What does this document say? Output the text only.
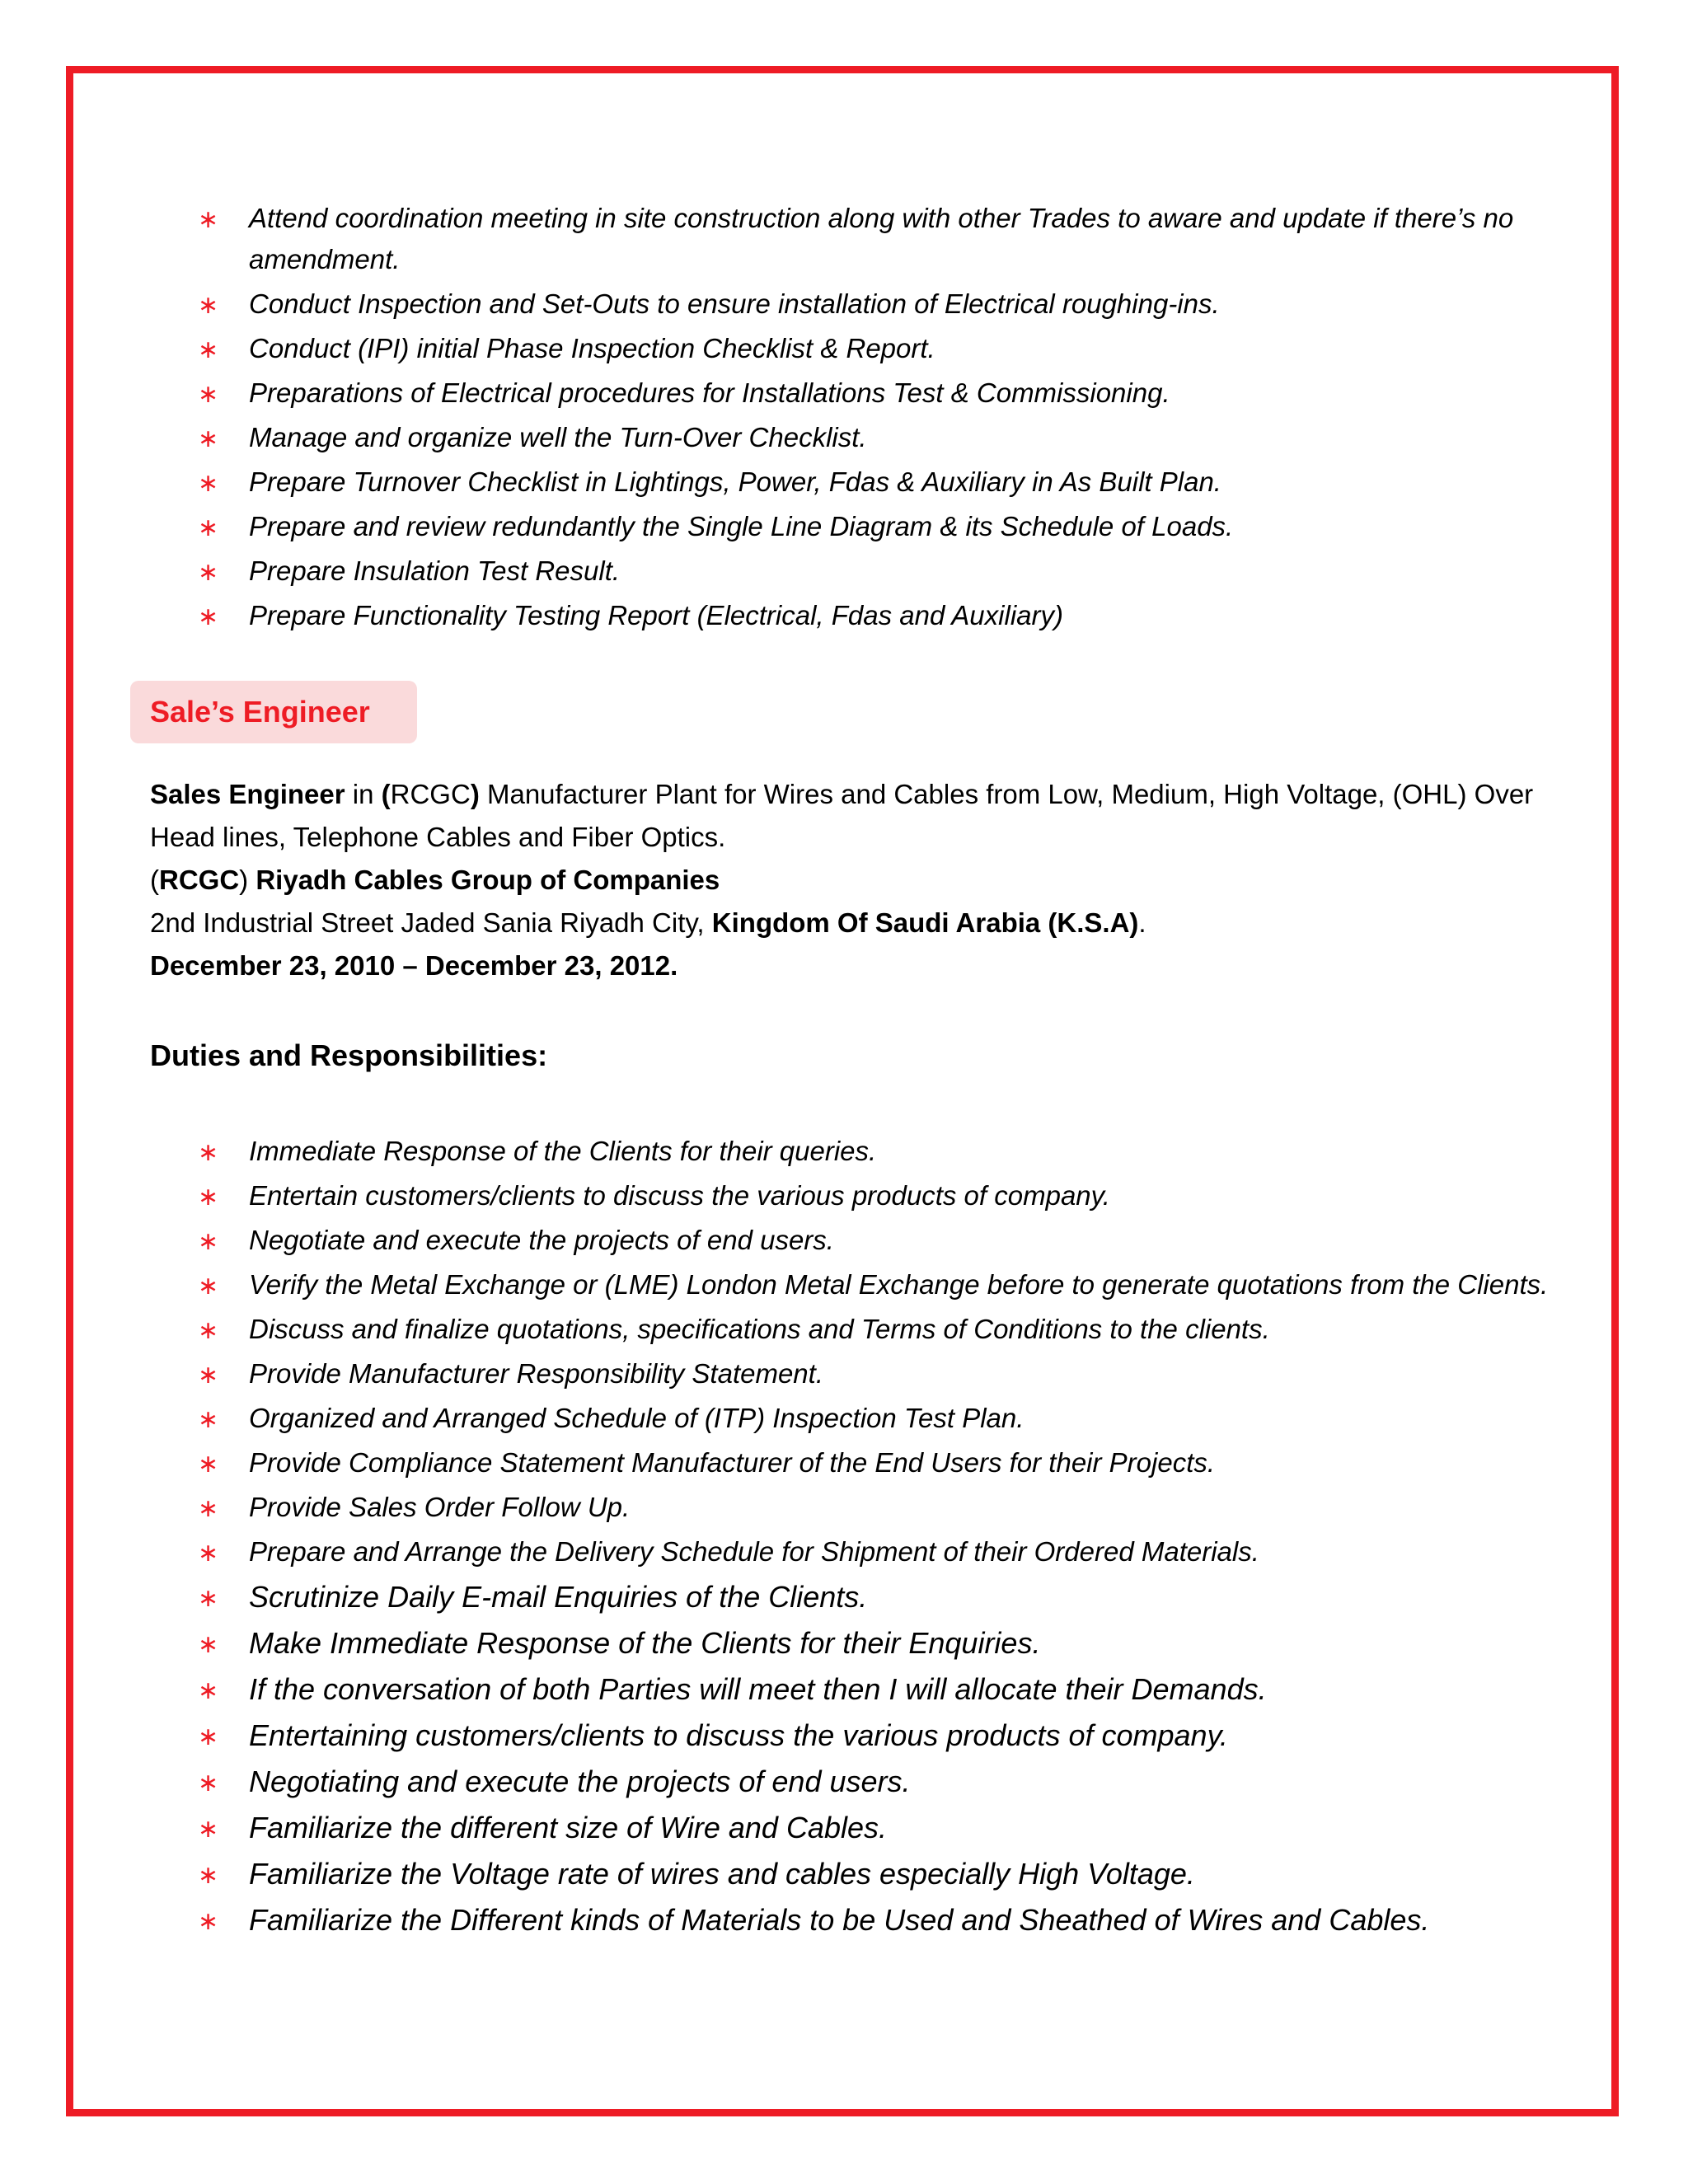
∗ Attend coordination meeting in site construction along with other Trades to aware and update if there’s no amendment.
∗ Conduct Inspection and Set-Outs to ensure installation of Electrical roughing-ins.
∗ Conduct (IPI) initial Phase Inspection Checklist & Report.
∗ Preparations of Electrical procedures for Installations Test & Commissioning.
∗ Manage and organize well the Turn-Over Checklist.
∗ Prepare Turnover Checklist in Lightings, Power, Fdas & Auxiliary in As Built Plan.
∗ Prepare and review redundantly the Single Line Diagram & its Schedule of Loads.
∗ Prepare Insulation Test Result.
∗ Prepare Functionality Testing Report (Electrical, Fdas and Auxiliary)
Sale’s Engineer

Sales Engineer in (RCGC) Manufacturer Plant for Wires and Cables from Low, Medium, High Voltage, (OHL) Over Head lines, Telephone Cables and Fiber Optics.

(RCGC) Riyadh Cables Group of Companies

2nd Industrial Street Jaded Sania Riyadh City, Kingdom Of Saudi Arabia (K.S.A).

December 23, 2010 – December 23, 2012.

Duties and Responsibilities:
∗ Immediate Response of the Clients for their queries.
∗ Entertain customers/clients to discuss the various products of company.
∗ Negotiate and execute the projects of end users.
∗ Verify the Metal Exchange or (LME) London Metal Exchange before to generate quotations from the Clients.
∗ Discuss and finalize quotations, specifications and Terms of Conditions to the clients.
∗ Provide Manufacturer Responsibility Statement.
∗ Organized and Arranged Schedule of (ITP) Inspection Test Plan.
∗ Provide Compliance Statement Manufacturer of the End Users for their Projects.
∗ Provide Sales Order Follow Up.
∗ Prepare and Arrange the Delivery Schedule for Shipment of their Ordered Materials.
∗ Scrutinize Daily E-mail Enquiries of the Clients.
∗ Make Immediate Response of the Clients for their Enquiries.
∗ If the conversation of both Parties will meet then I will allocate their Demands.
∗ Entertaining customers/clients to discuss the various products of company.
∗ Negotiating and execute the projects of end users.
∗ Familiarize the different size of Wire and Cables.
∗ Familiarize the Voltage rate of wires and cables especially High Voltage.
∗ Familiarize the Different kinds of Materials to be Used and Sheathed of Wires and Cables.
